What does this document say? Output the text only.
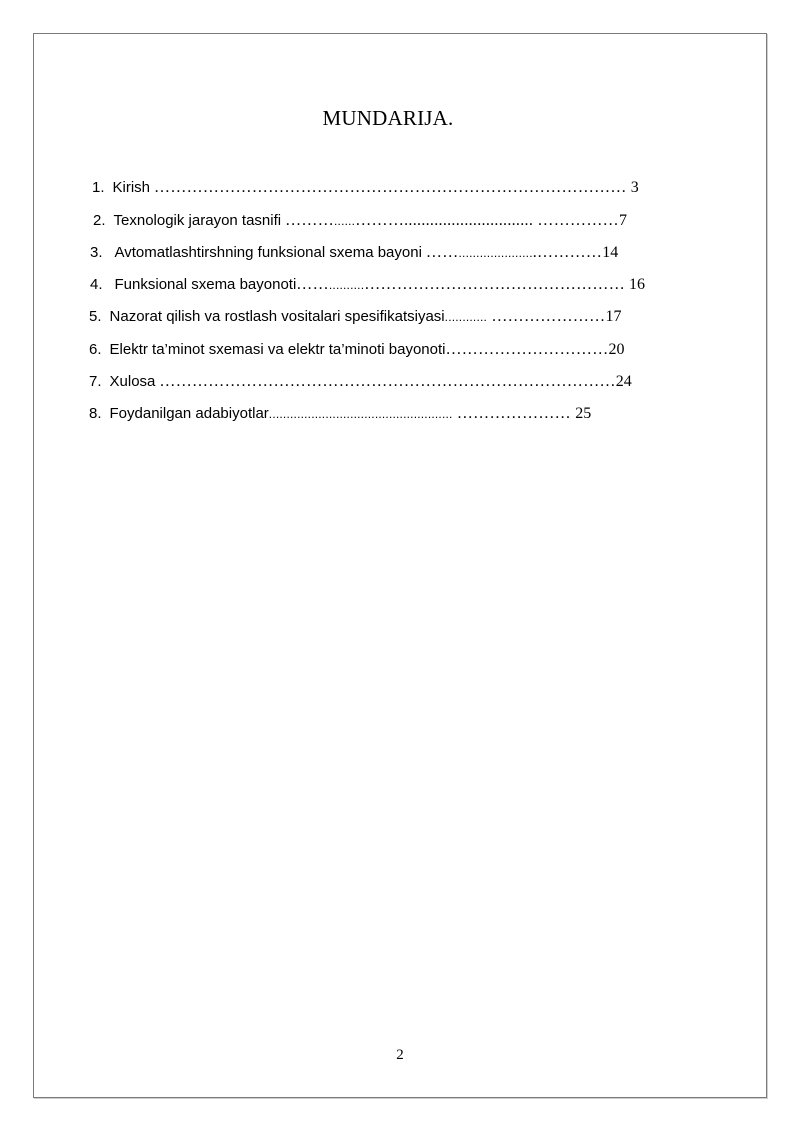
MUNDARIJA.
1. Kirish …………………………………………………………………………… 3
2. Texnologik jarayon tasnifi ………......……….............................. ……………7
3. Avtomatlashtirshning funksional sxema bayoni ……......................…………14
4. Funksional sxema bayonoti……..........………………………………………… 16
5. Nazorat qilish va rostlash vositalari spesifikatsiyasi............ …………………17
6. Elektr ta’minot sxemasi va elektr ta’minoti bayonoti…………………………20
7. Xulosa …………………………………………………………………………24
8. Foydanilgan adabiyotlar.................................................... ………………… 25
2
